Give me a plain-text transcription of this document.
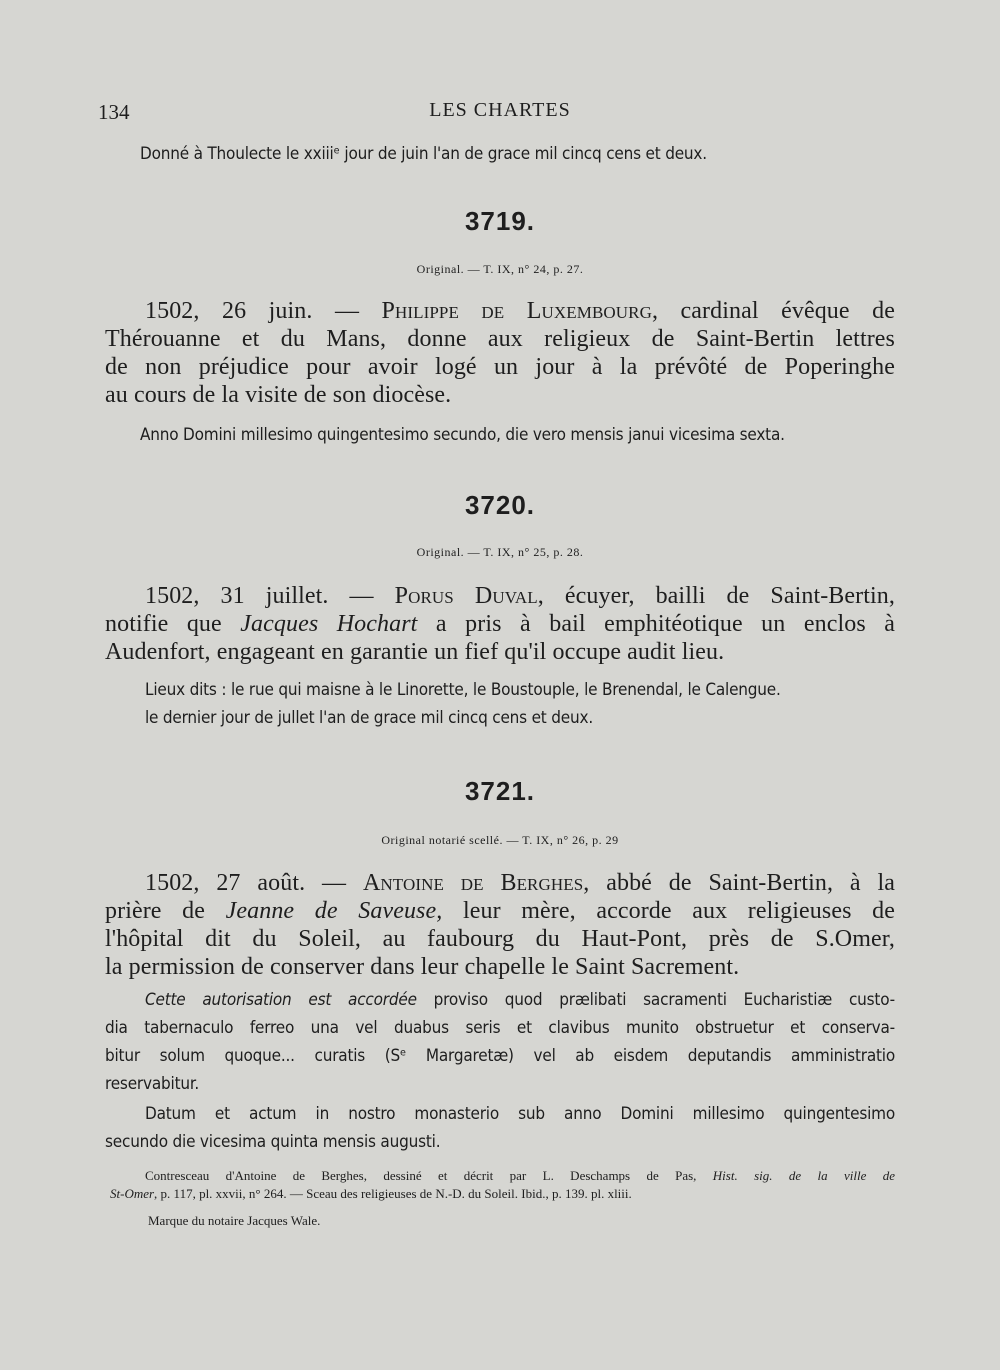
134	LES CHARTES
Donné à Thoulecte le xxiiiᵉ jour de juin l'an de grace mil cincq cens et deux.
3719.
Original. — T. IX, n° 24, p. 27.
1502, 26 juin. — Philippe de Luxembourg, cardinal évêque de
Thérouanne et du Mans, donne aux religieux de Saint-Bertin lettres
de non préjudice pour avoir logé un jour à la prévôté de Poperinghe
au cours de la visite de son diocèse.
Anno Domini millesimo quingentesimo secundo, die vero mensis janui vicesima sexta.
3720.
Original. — T. IX, n° 25, p. 28.
1502, 31 juillet. — Porus Duval, écuyer, bailli de Saint-Bertin,
notifie que Jacques Hochart a pris à bail emphitéotique un enclos à
Audenfort, engageant en garantie un fief qu'il occupe audit lieu.
Lieux dits : le rue qui maisne à le Linorette, le Boustouple, le Brenendal, le Calengue.
le dernier jour de jullet l'an de grace mil cincq cens et deux.
3721.
Original notarié scellé. — T. IX, n° 26, p. 29
1502, 27 août. — Antoine de Berghes, abbé de Saint-Bertin, à la
prière de Jeanne de Saveuse, leur mère, accorde aux religieuses de
l'hôpital dit du Soleil, au faubourg du Haut-Pont, près de S.Omer,
la permission de conserver dans leur chapelle le Saint Sacrement.
Cette autorisation est accordée proviso quod prælibati sacramenti Eucharistiæ custo-
dia tabernaculo ferreo una vel duabus seris et clavibus munito obstruetur et conserva-
bitur solum quoque... curatis (Sᵉ Margaretæ) vel ab eisdem deputandis amministratio
reservabitur.
Datum et actum in nostro monasterio sub anno Domini millesimo quingentesimo
secundo die vicesima quinta mensis augusti.
Contresceau d'Antoine de Berghes, dessiné et décrit par L. Deschamps de Pas, Hist. sig. de la ville de
St-Omer, p. 117, pl. xxvii, n° 264. — Sceau des religieuses de N.-D. du Soleil. Ibid., p. 139. pl. xliii.
Marque du notaire Jacques Wale.
